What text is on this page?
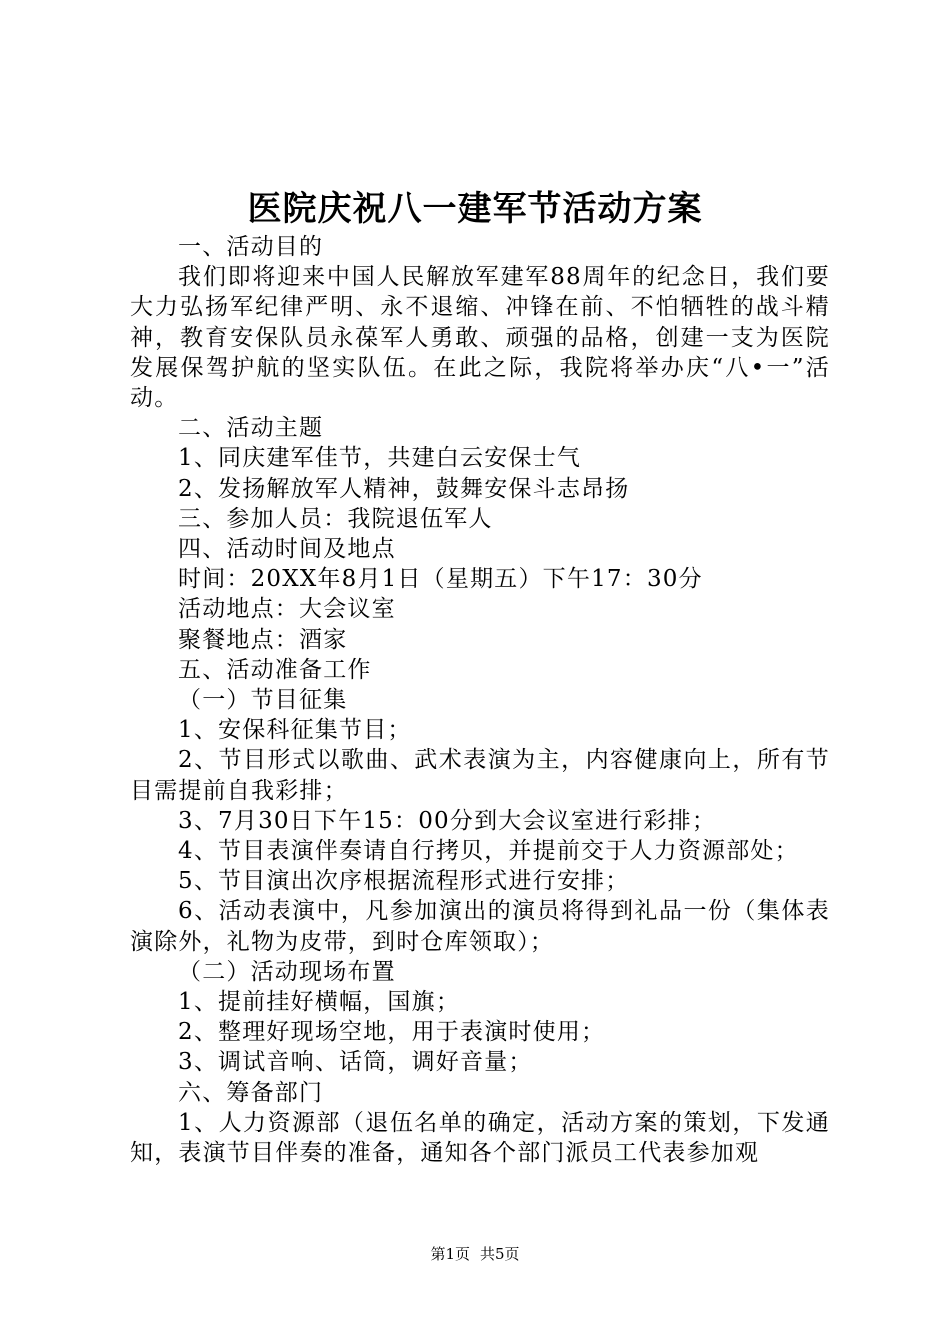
医院庆祝八一建军节活动方案

一、活动目的

我们即将迎来中国人民解放军建军88周年的纪念日，我们要大力弘扬军纪律严明、永不退缩、冲锋在前、不怕牺牲的战斗精神，教育安保队员永葆军人勇敢、顽强的品格，创建一支为医院发展保驾护航的坚实队伍。在此之际，我院将举办庆“八•一”活动。

二、活动主题

1、同庆建军佳节，共建白云安保士气

2、发扬解放军人精神，鼓舞安保斗志昂扬

三、参加人员：我院退伍军人

四、活动时间及地点

时间：20XX年8月1日（星期五）下午17：30分

活动地点：大会议室

聚餐地点：酒家

五、活动准备工作

（一）节目征集

1、安保科征集节目；

2、节目形式以歌曲、武术表演为主，内容健康向上，所有节目需提前自我彩排；

3、7月30日下午15：00分到大会议室进行彩排；

4、节目表演伴奏请自行拷贝，并提前交于人力资源部处；

5、节目演出次序根据流程形式进行安排；

6、活动表演中，凡参加演出的演员将得到礼品一份（集体表演除外，礼物为皮带，到时仓库领取）；

（二）活动现场布置

1、提前挂好横幅，国旗；

2、整理好现场空地，用于表演时使用；

3、调试音响、话筒，调好音量；

六、筹备部门

1、人力资源部（退伍名单的确定，活动方案的策划，下发通知，表演节目伴奏的准备，通知各个部门派员工代表参加观

第1页 共5页
